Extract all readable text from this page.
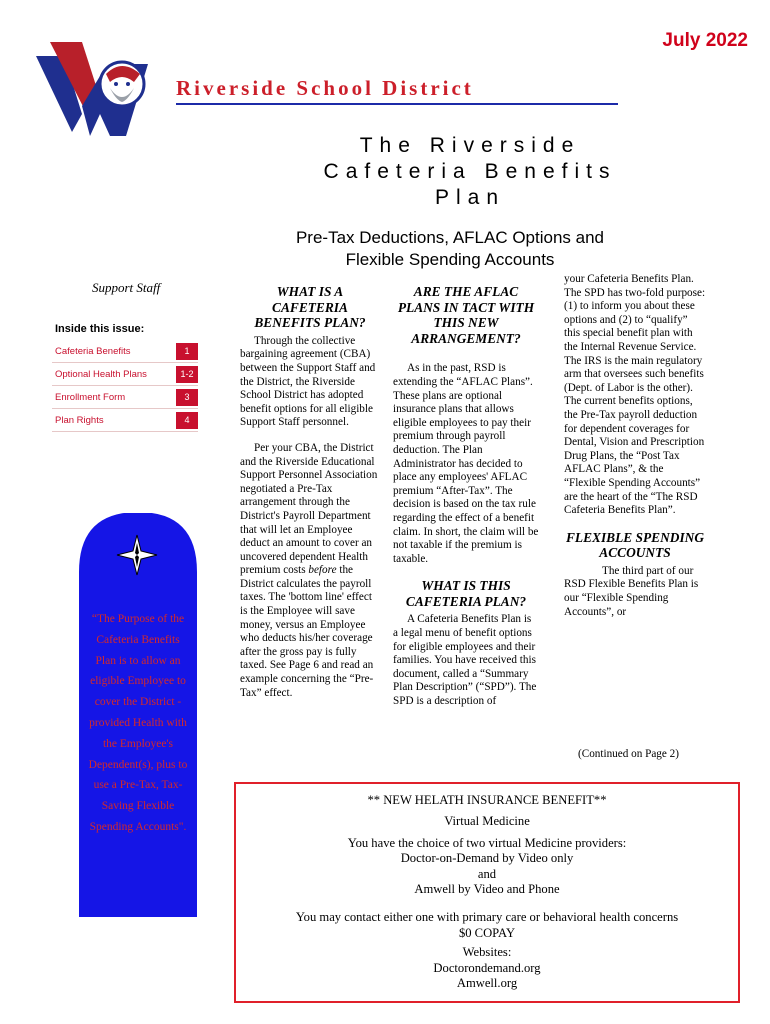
July 2022
Riverside School District
The Riverside
Cafeteria Benefits
Plan
Pre-Tax Deductions, AFLAC Options and
Flexible Spending Accounts
Support Staff
Inside this issue:
Cafeteria Benefits	1
Optional Health Plans	1-2
Enrollment Form	3
Plan Rights	4
“The Purpose of the Cafeteria Benefits Plan is to allow an eligible Employee to cover the District -provided Health with the Employee's Dependent(s), plus to use a Pre-Tax, Tax-Saving Flexible Spending Accounts".
WHAT IS A CAFETERIA BENEFITS PLAN?

Through the collective bargaining agreement (CBA) between the Support Staff and the District, the Riverside School District has adopted benefit options for all eligible Support Staff personnel.

Per your CBA, the District and the Riverside Educational Support Personnel Association negotiated a Pre-Tax arrangement through the District's Payroll Department that will let an Employee deduct an amount to cover an uncovered dependent Health premium costs before the District calculates the payroll taxes. The 'bottom line' effect is the Employee will save money, versus an Employee who deducts his/her coverage after the gross pay is fully taxed. See Page 6 and read an example concerning the “Pre-Tax” effect.

ARE THE AFLAC PLANS IN TACT WITH THIS NEW ARRANGEMENT?

As in the past, RSD is extending the “AFLAC Plans”. These plans are optional insurance plans that allows eligible employees to pay their premium through payroll deduction. The Plan Administrator has decided to place any employees' AFLAC premium “After-Tax”. The decision is based on the tax rule regarding the effect of a benefit claim. In short, the claim will be not taxable if the premium is taxable.

WHAT IS THIS CAFETERIA PLAN?

A Cafeteria Benefits Plan is a legal menu of benefit options for eligible employees and their families. You have received this document, called a “Summary Plan Description” (“SPD”). The SPD is a description of

your Cafeteria Benefits Plan. The SPD has two-fold purpose: (1) to inform you about these options and (2) to “qualify” this special benefit plan with the Internal Revenue Service. The IRS is the main regulatory arm that oversees such benefits (Dept. of Labor is the other). The current benefits options, the Pre-Tax payroll deduction for dependent coverages for Dental, Vision and Prescription Drug Plans, the “Post Tax AFLAC Plans”, & the “Flexible Spending Accounts” are the heart of the “The RSD Cafeteria Benefits Plan”.

FLEXIBLE SPENDING ACCOUNTS

The third part of our RSD Flexible Benefits Plan is our “Flexible Spending Accounts”, or

(Continued on Page 2)
** NEW HELATH INSURANCE BENEFIT**
Virtual Medicine
You have the choice of two virtual Medicine providers:
Doctor-on-Demand by Video only
and
Amwell by Video and Phone
You may contact either one with primary care or behavioral health concerns
$0 COPAY
Websites:
Doctorondemand.org
Amwell.org
